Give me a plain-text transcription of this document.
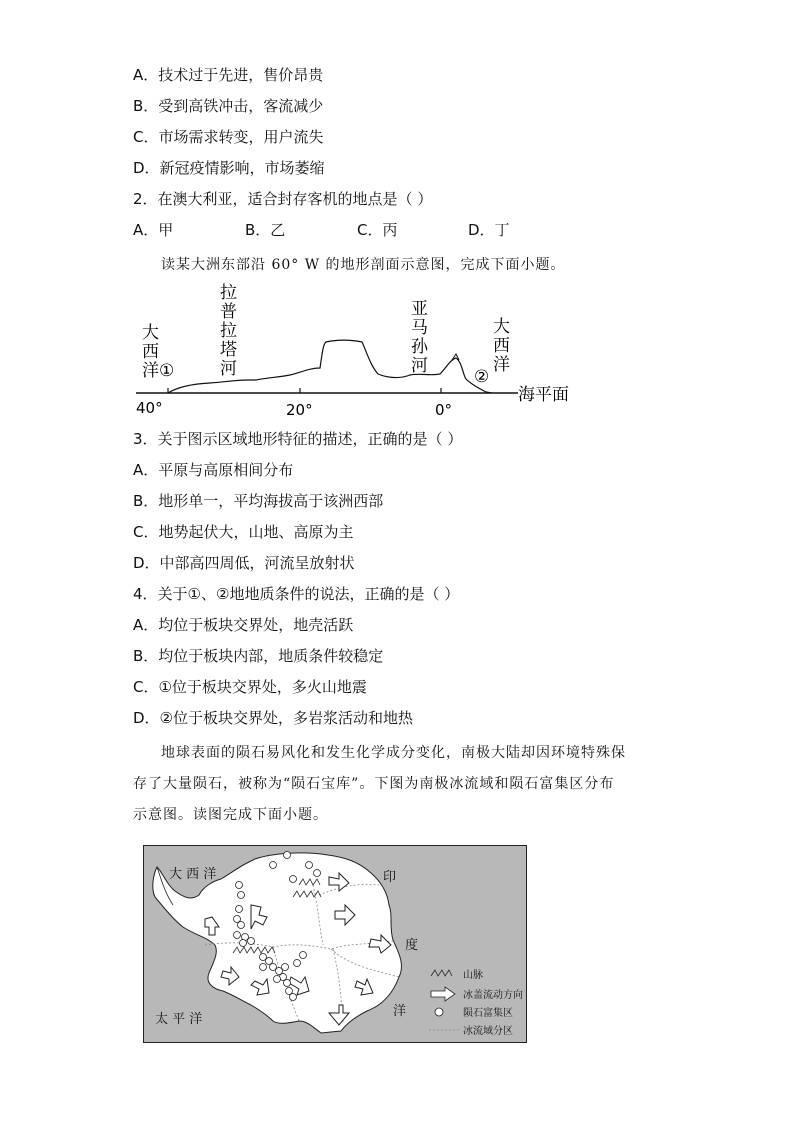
A．技术过于先进，售价昂贵
B．受到高铁冲击，客流减少
C．市场需求转变，用户流失
D．新冠疫情影响，市场萎缩
2．在澳大利亚，适合封存客机的地点是（ ）
A．甲	B．乙	C．丙	D．丁
读某大洲东部沿 60° W 的地形剖面示意图，完成下面小题。
大
西
洋 ①
拉
普
拉
塔
河
亚
马
孙
河
大
西
洋
②
海平面
40°	20°	0°
3．关于图示区域地形特征的描述，正确的是（ ）
A．平原与高原相间分布
B．地形单一，平均海拔高于该洲西部
C．地势起伏大，山地、高原为主
D．中部高四周低，河流呈放射状
4．关于①、②地地质条件的说法，正确的是（ ）
A．均位于板块交界处，地壳活跃
B．均位于板块内部，地质条件较稳定
C．①位于板块交界处，多火山地震
D．②位于板块交界处，多岩浆活动和地热
地球表面的陨石易风化和发生化学成分变化，南极大陆却因环境特殊保
存了大量陨石，被称为“陨石宝库”。下图为南极冰流域和陨石富集区分布
示意图。读图完成下面小题。
大 西 洋
太 平 洋
印
度
洋
山脉
冰盖流动方向
陨石富集区
冰流域分区
